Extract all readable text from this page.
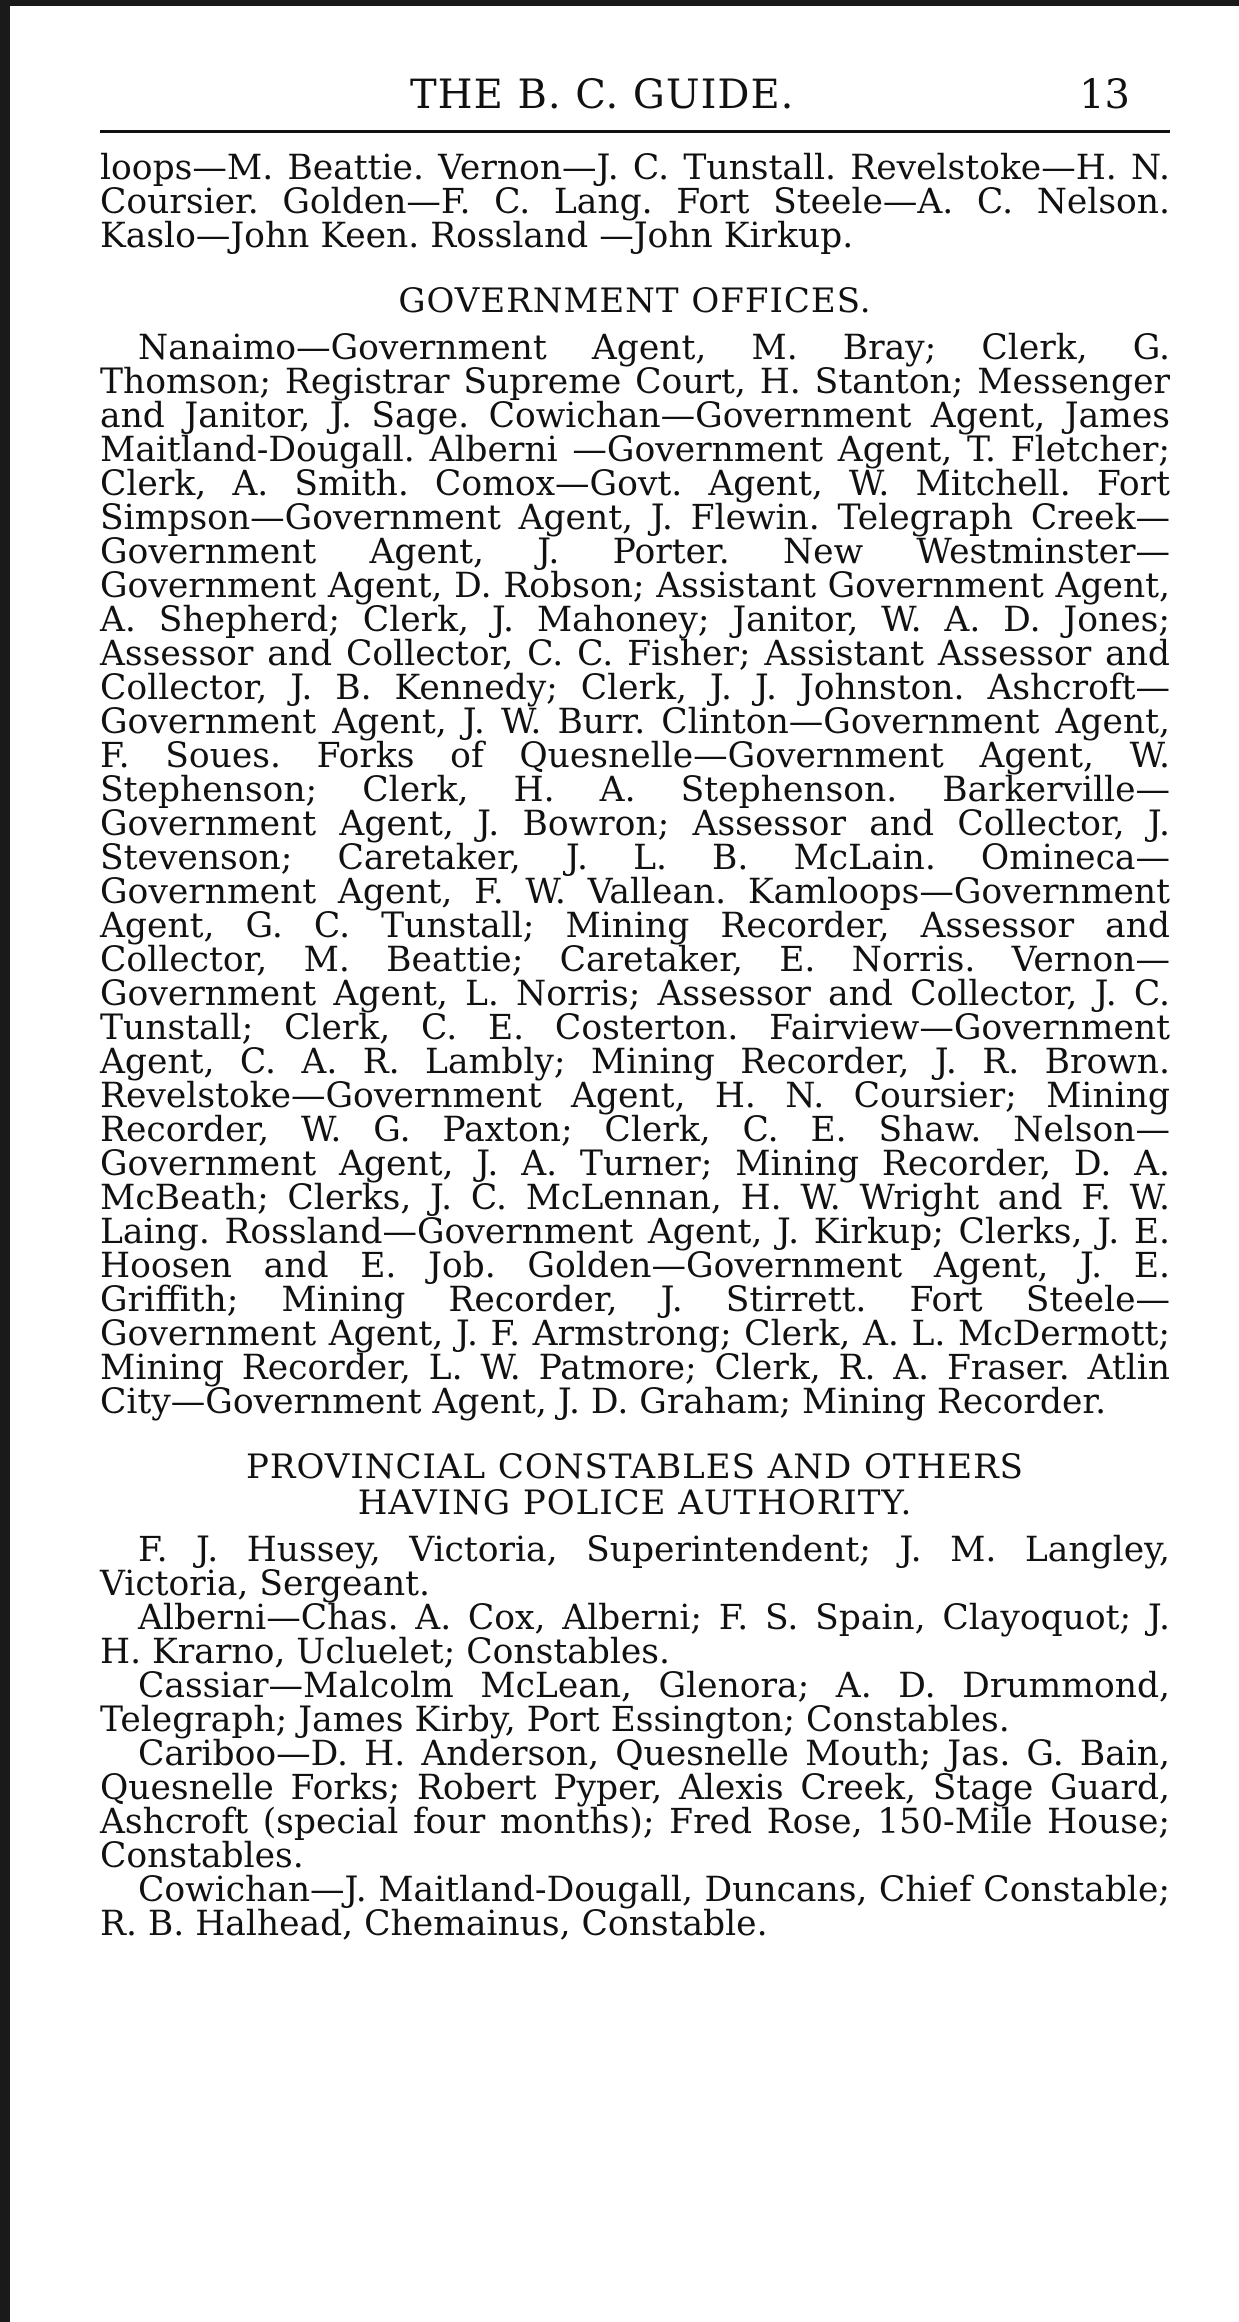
THE B. C. GUIDE.	13

loops—M. Beattie. Vernon—J. C. Tunstall. Revelstoke—H. N. Coursier. Golden—F. C. Lang. Fort Steele—A. C. Nelson. Kaslo—John Keen. Rossland —John Kirkup.

GOVERNMENT OFFICES.

Nanaimo—Government Agent, M. Bray; Clerk, G. Thomson; Registrar Supreme Court, H. Stanton; Messenger and Janitor, J. Sage. Cowichan—Government Agent, James Maitland-Dougall. Alberni —Government Agent, T. Fletcher; Clerk, A. Smith. Comox—Govt. Agent, W. Mitchell. Fort Simpson—Government Agent, J. Flewin. Telegraph Creek—Government Agent, J. Porter. New Westminster—Government Agent, D. Robson; Assistant Government Agent, A. Shepherd; Clerk, J. Mahoney; Janitor, W. A. D. Jones; Assessor and Collector, C. C. Fisher; Assistant Assessor and Collector, J. B. Kennedy; Clerk, J. J. Johnston. Ashcroft—Government Agent, J. W. Burr. Clinton—Government Agent, F. Soues. Forks of Quesnelle—Government Agent, W. Stephenson; Clerk, H. A. Stephenson. Barkerville—Government Agent, J. Bowron; Assessor and Collector, J. Stevenson; Caretaker, J. L. B. McLain. Omineca—Government Agent, F. W. Vallean. Kamloops—Government Agent, G. C. Tunstall; Mining Recorder, Assessor and Collector, M. Beattie; Caretaker, E. Norris. Vernon—Government Agent, L. Norris; Assessor and Collector, J. C. Tunstall; Clerk, C. E. Costerton. Fairview—Government Agent, C. A. R. Lambly; Mining Recorder, J. R. Brown. Revelstoke—Government Agent, H. N. Coursier; Mining Recorder, W. G. Paxton; Clerk, C. E. Shaw. Nelson—Government Agent, J. A. Turner; Mining Recorder, D. A. McBeath; Clerks, J. C. McLennan, H. W. Wright and F. W. Laing. Rossland—Government Agent, J. Kirkup; Clerks, J. E. Hoosen and E. Job. Golden—Government Agent, J. E. Griffith; Mining Recorder, J. Stirrett. Fort Steele—Government Agent, J. F. Armstrong; Clerk, A. L. McDermott; Mining Recorder, L. W. Patmore; Clerk, R. A. Fraser. Atlin City—Government Agent, J. D. Graham; Mining Recorder.

PROVINCIAL CONSTABLES AND OTHERS
HAVING POLICE AUTHORITY.

F. J. Hussey, Victoria, Superintendent; J. M. Langley, Victoria, Sergeant.

Alberni—Chas. A. Cox, Alberni; F. S. Spain, Clayoquot; J. H. Krarno, Ucluelet; Constables.

Cassiar—Malcolm McLean, Glenora; A. D. Drummond, Telegraph; James Kirby, Port Essington; Constables.

Cariboo—D. H. Anderson, Quesnelle Mouth; Jas. G. Bain, Quesnelle Forks; Robert Pyper, Alexis Creek, Stage Guard, Ashcroft (special four months); Fred Rose, 150-Mile House; Constables.

Cowichan—J. Maitland-Dougall, Duncans, Chief Constable; R. B. Halhead, Chemainus, Constable.
